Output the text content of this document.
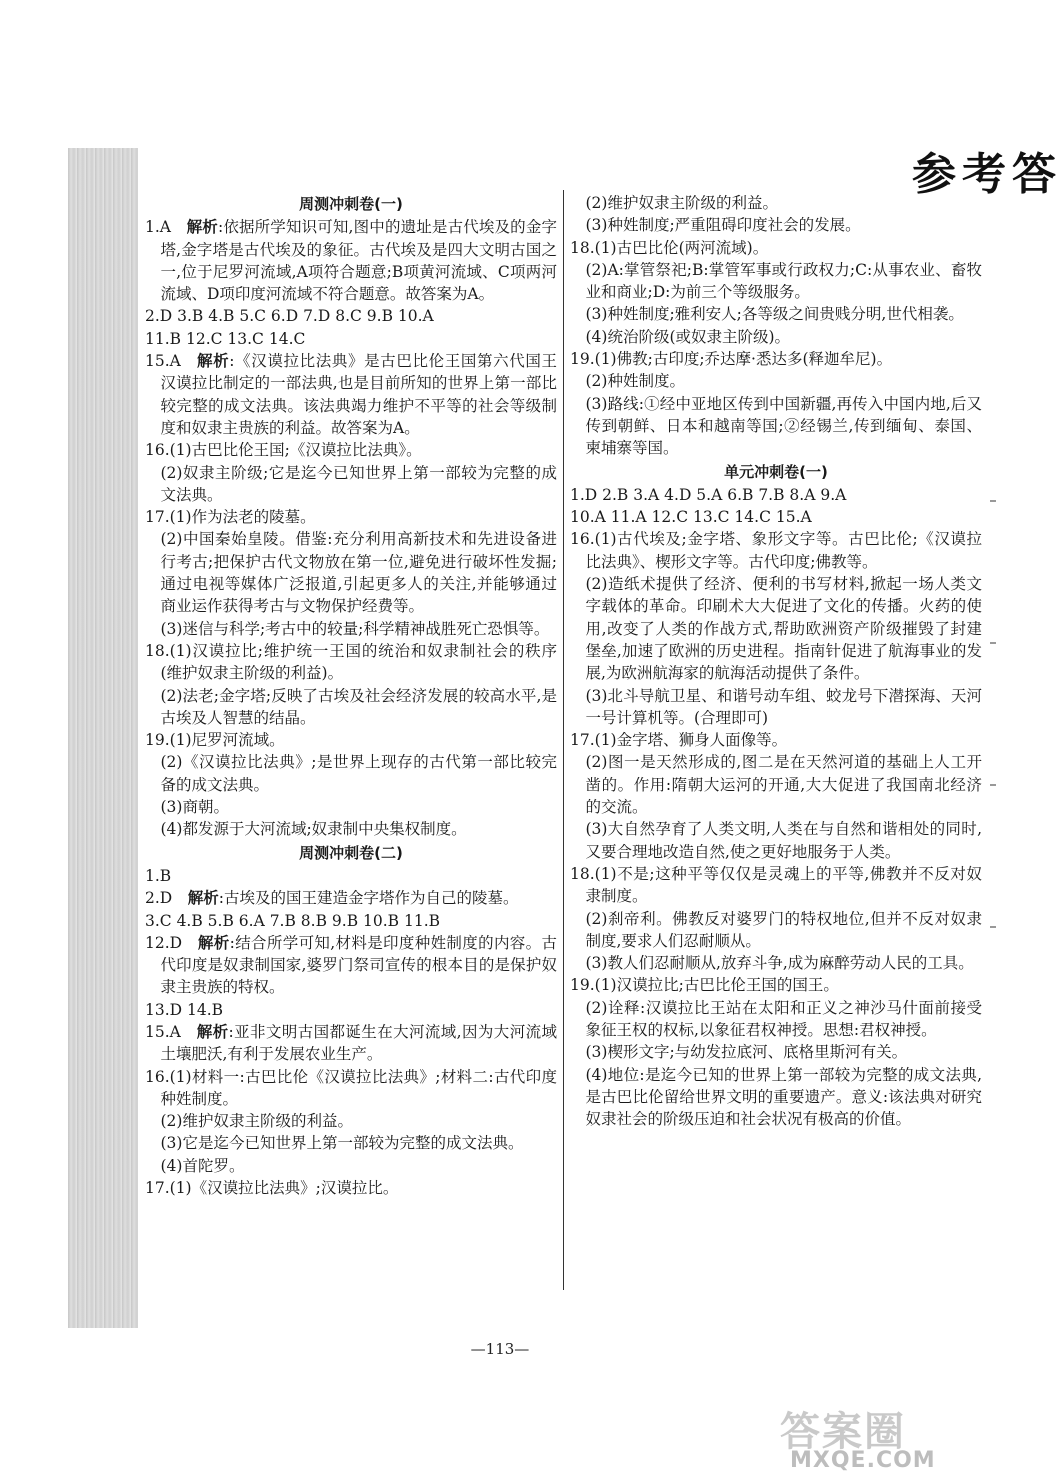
参考答
周测冲刺卷(一)

1.A  解析:依据所学知识可知,图中的遗址是古代埃及的金字塔,金字塔是古代埃及的象征。古代埃及是四大文明古国之一,位于尼罗河流域,A项符合题意;B项黄河流域、C项两河流域、D项印度河流域不符合题意。故答案为A。

2.D 3.B 4.B 5.C 6.D 7.D 8.C 9.B 10.A

11.B 12.C 13.C 14.C

15.A  解析:《汉谟拉比法典》是古巴比伦王国第六代国王汉谟拉比制定的一部法典,也是目前所知的世界上第一部比较完整的成文法典。该法典竭力维护不平等的社会等级制度和奴隶主贵族的利益。故答案为A。

16.(1)古巴比伦王国;《汉谟拉比法典》。

(2)奴隶主阶级;它是迄今已知世界上第一部较为完整的成文法典。

17.(1)作为法老的陵墓。

(2)中国秦始皇陵。借鉴:充分利用高新技术和先进设备进行考古;把保护古代文物放在第一位,避免进行破坏性发掘;通过电视等媒体广泛报道,引起更多人的关注,并能够通过商业运作获得考古与文物保护经费等。

(3)迷信与科学;考古中的较量;科学精神战胜死亡恐惧等。

18.(1)汉谟拉比;维护统一王国的统治和奴隶制社会的秩序(维护奴隶主阶级的利益)。

(2)法老;金字塔;反映了古埃及社会经济发展的较高水平,是古埃及人智慧的结晶。

19.(1)尼罗河流域。

(2)《汉谟拉比法典》;是世界上现存的古代第一部比较完备的成文法典。

(3)商朝。

(4)都发源于大河流域;奴隶制中央集权制度。

周测冲刺卷(二)

1.B

2.D  解析:古埃及的国王建造金字塔作为自己的陵墓。

3.C 4.B 5.B 6.A 7.B 8.B 9.B 10.B 11.B

12.D  解析:结合所学可知,材料是印度种姓制度的内容。古代印度是奴隶制国家,婆罗门祭司宣传的根本目的是保护奴隶主贵族的特权。

13.D 14.B

15.A  解析:亚非文明古国都诞生在大河流域,因为大河流域土壤肥沃,有利于发展农业生产。

16.(1)材料一:古巴比伦《汉谟拉比法典》;材料二:古代印度种姓制度。

(2)维护奴隶主阶级的利益。

(3)它是迄今已知世界上第一部较为完整的成文法典。

(4)首陀罗。

17.(1)《汉谟拉比法典》;汉谟拉比。

(2)维护奴隶主阶级的利益。

(3)种姓制度;严重阻碍印度社会的发展。

18.(1)古巴比伦(两河流域)。

(2)A:掌管祭祀;B:掌管军事或行政权力;C:从事农业、畜牧业和商业;D:为前三个等级服务。

(3)种姓制度;雅利安人;各等级之间贵贱分明,世代相袭。

(4)统治阶级(或奴隶主阶级)。

19.(1)佛教;古印度;乔达摩·悉达多(释迦牟尼)。

(2)种姓制度。

(3)路线:①经中亚地区传到中国新疆,再传入中国内地,后又传到朝鲜、日本和越南等国;②经锡兰,传到缅甸、泰国、柬埔寨等国。

单元冲刺卷(一)

1.D 2.B 3.A 4.D 5.A 6.B 7.B 8.A 9.A

10.A 11.A 12.C 13.C 14.C 15.A

16.(1)古代埃及;金字塔、象形文字等。古巴比伦;《汉谟拉比法典》、楔形文字等。古代印度;佛教等。

(2)造纸术提供了经济、便利的书写材料,掀起一场人类文字载体的革命。印刷术大大促进了文化的传播。火药的使用,改变了人类的作战方式,帮助欧洲资产阶级摧毁了封建堡垒,加速了欧洲的历史进程。指南针促进了航海事业的发展,为欧洲航海家的航海活动提供了条件。

(3)北斗导航卫星、和谐号动车组、蛟龙号下潜探海、天河一号计算机等。(合理即可)

17.(1)金字塔、狮身人面像等。

(2)图一是天然形成的,图二是在天然河道的基础上人工开凿的。作用:隋朝大运河的开通,大大促进了我国南北经济的交流。

(3)大自然孕育了人类文明,人类在与自然和谐相处的同时,又要合理地改造自然,使之更好地服务于人类。

18.(1)不是;这种平等仅仅是灵魂上的平等,佛教并不反对奴隶制度。

(2)刹帝利。佛教反对婆罗门的特权地位,但并不反对奴隶制度,要求人们忍耐顺从。

(3)教人们忍耐顺从,放弃斗争,成为麻醉劳动人民的工具。

19.(1)汉谟拉比;古巴比伦王国的国王。

(2)诠释:汉谟拉比王站在太阳和正义之神沙马什面前接受象征王权的权标,以象征君权神授。思想:君权神授。

(3)楔形文字;与幼发拉底河、底格里斯河有关。

(4)地位:是迄今已知的世界上第一部较为完整的成文法典,是古巴比伦留给世界文明的重要遗产。意义:该法典对研究奴隶社会的阶级压迫和社会状况有极高的价值。

—113—
答案圈
MXQE.COM
